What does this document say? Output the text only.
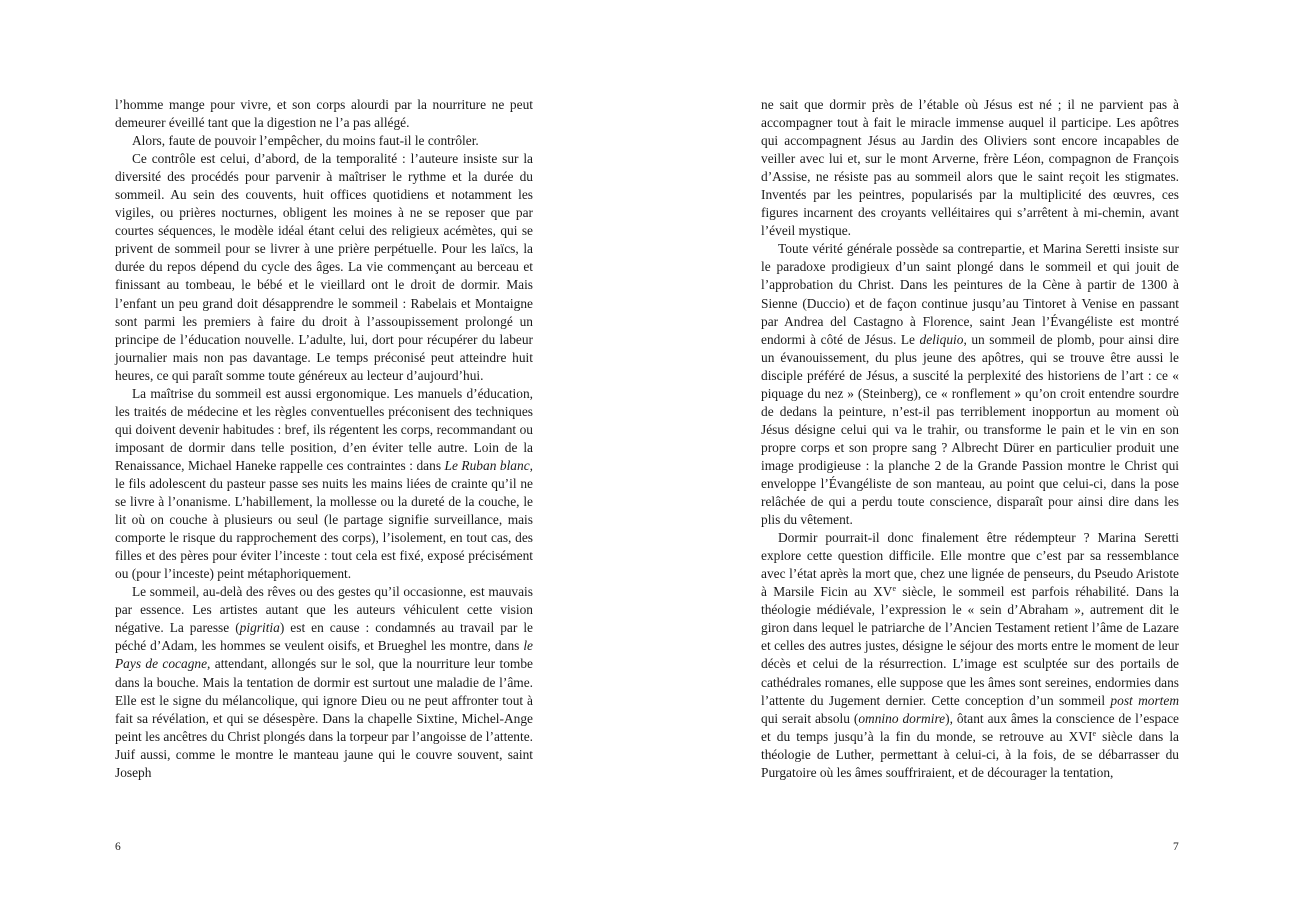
l’homme mange pour vivre, et son corps alourdi par la nourriture ne peut demeurer éveillé tant que la digestion ne l’a pas allégé.

Alors, faute de pouvoir l’empêcher, du moins faut-il le contrôler.

Ce contrôle est celui, d’abord, de la temporalité : l’auteure insiste sur la diversité des procédés pour parvenir à maîtriser le rythme et la durée du sommeil. Au sein des couvents, huit offices quotidiens et notamment les vigiles, ou prières nocturnes, obligent les moines à ne se reposer que par courtes séquences, le modèle idéal étant celui des religieux acémètes, qui se privent de sommeil pour se livrer à une prière perpétuelle. Pour les laïcs, la durée du repos dépend du cycle des âges. La vie commençant au berceau et finissant au tombeau, le bébé et le vieillard ont le droit de dormir. Mais l’enfant un peu grand doit désapprendre le sommeil : Rabelais et Montaigne sont parmi les premiers à faire du droit à l’assoupissement prolongé un principe de l’éducation nouvelle. L’adulte, lui, dort pour récupérer du labeur journalier mais non pas davantage. Le temps préconisé peut atteindre huit heures, ce qui paraît somme toute généreux au lecteur d’aujourd’hui.

La maîtrise du sommeil est aussi ergonomique. Les manuels d’éducation, les traités de médecine et les règles conventuelles préconisent des techniques qui doivent devenir habitudes : bref, ils régentent les corps, recommandant ou imposant de dormir dans telle position, d’en éviter telle autre. Loin de la Renaissance, Michael Haneke rappelle ces contraintes : dans Le Ruban blanc, le fils adolescent du pasteur passe ses nuits les mains liées de crainte qu’il ne se livre à l’onanisme. L’habillement, la mollesse ou la dureté de la couche, le lit où on couche à plusieurs ou seul (le partage signifie surveillance, mais comporte le risque du rapprochement des corps), l’isolement, en tout cas, des filles et des pères pour éviter l’inceste : tout cela est fixé, exposé précisément ou (pour l’inceste) peint métaphoriquement.

Le sommeil, au-delà des rêves ou des gestes qu’il occasionne, est mauvais par essence. Les artistes autant que les auteurs véhiculent cette vision négative. La paresse (pigritia) est en cause : condamnés au travail par le péché d’Adam, les hommes se veulent oisifs, et Brueghel les montre, dans le Pays de cocagne, attendant, allongés sur le sol, que la nourriture leur tombe dans la bouche. Mais la tentation de dormir est surtout une maladie de l’âme. Elle est le signe du mélancolique, qui ignore Dieu ou ne peut affronter tout à fait sa révélation, et qui se désespère. Dans la chapelle Sixtine, Michel-Ange peint les ancêtres du Christ plongés dans la torpeur par l’angoisse de l’attente. Juif aussi, comme le montre le manteau jaune qui le couvre souvent, saint Joseph

ne sait que dormir près de l’étable où Jésus est né ; il ne parvient pas à accompagner tout à fait le miracle immense auquel il participe. Les apôtres qui accompagnent Jésus au Jardin des Oliviers sont encore incapables de veiller avec lui et, sur le mont Arverne, frère Léon, compagnon de François d’Assise, ne résiste pas au sommeil alors que le saint reçoit les stigmates. Inventés par les peintres, popularisés par la multiplicité des œuvres, ces figures incarnent des croyants velléitaires qui s’arrêtent à mi-chemin, avant l’éveil mystique.

Toute vérité générale possède sa contrepartie, et Marina Seretti insiste sur le paradoxe prodigieux d’un saint plongé dans le sommeil et qui jouit de l’approbation du Christ. Dans les peintures de la Cène à partir de 1300 à Sienne (Duccio) et de façon continue jusqu’au Tintoret à Venise en passant par Andrea del Castagno à Florence, saint Jean l’Évangéliste est montré endormi à côté de Jésus. Le deliquio, un sommeil de plomb, pour ainsi dire un évanouissement, du plus jeune des apôtres, qui se trouve être aussi le disciple préféré de Jésus, a suscité la perplexité des historiens de l’art : ce « piquage du nez » (Steinberg), ce « ronflement » qu’on croit entendre sourdre de dedans la peinture, n’est-il pas terriblement inopportun au moment où Jésus désigne celui qui va le trahir, ou transforme le pain et le vin en son propre corps et son propre sang ? Albrecht Dürer en particulier produit une image prodigieuse : la planche 2 de la Grande Passion montre le Christ qui enveloppe l’Évangéliste de son manteau, au point que celui-ci, dans la pose relâchée de qui a perdu toute conscience, disparaît pour ainsi dire dans les plis du vêtement.

Dormir pourrait-il donc finalement être rédempteur ? Marina Seretti explore cette question difficile. Elle montre que c’est par sa ressemblance avec l’état après la mort que, chez une lignée de penseurs, du Pseudo Aristote à Marsile Ficin au XVe siècle, le sommeil est parfois réhabilité. Dans la théologie médiévale, l’expression le « sein d’Abraham », autrement dit le giron dans lequel le patriarche de l’Ancien Testament retient l’âme de Lazare et celles des autres justes, désigne le séjour des morts entre le moment de leur décès et celui de la résurrection. L’image est sculptée sur des portails de cathédrales romanes, elle suppose que les âmes sont sereines, endormies dans l’attente du Jugement dernier. Cette conception d’un sommeil post mortem qui serait absolu (omnino dormire), ôtant aux âmes la conscience de l’espace et du temps jusqu’à la fin du monde, se retrouve au XVIe siècle dans la théologie de Luther, permettant à celui-ci, à la fois, de se débarrasser du Purgatoire où les âmes souffriraient, et de décourager la tentation,

6	7
